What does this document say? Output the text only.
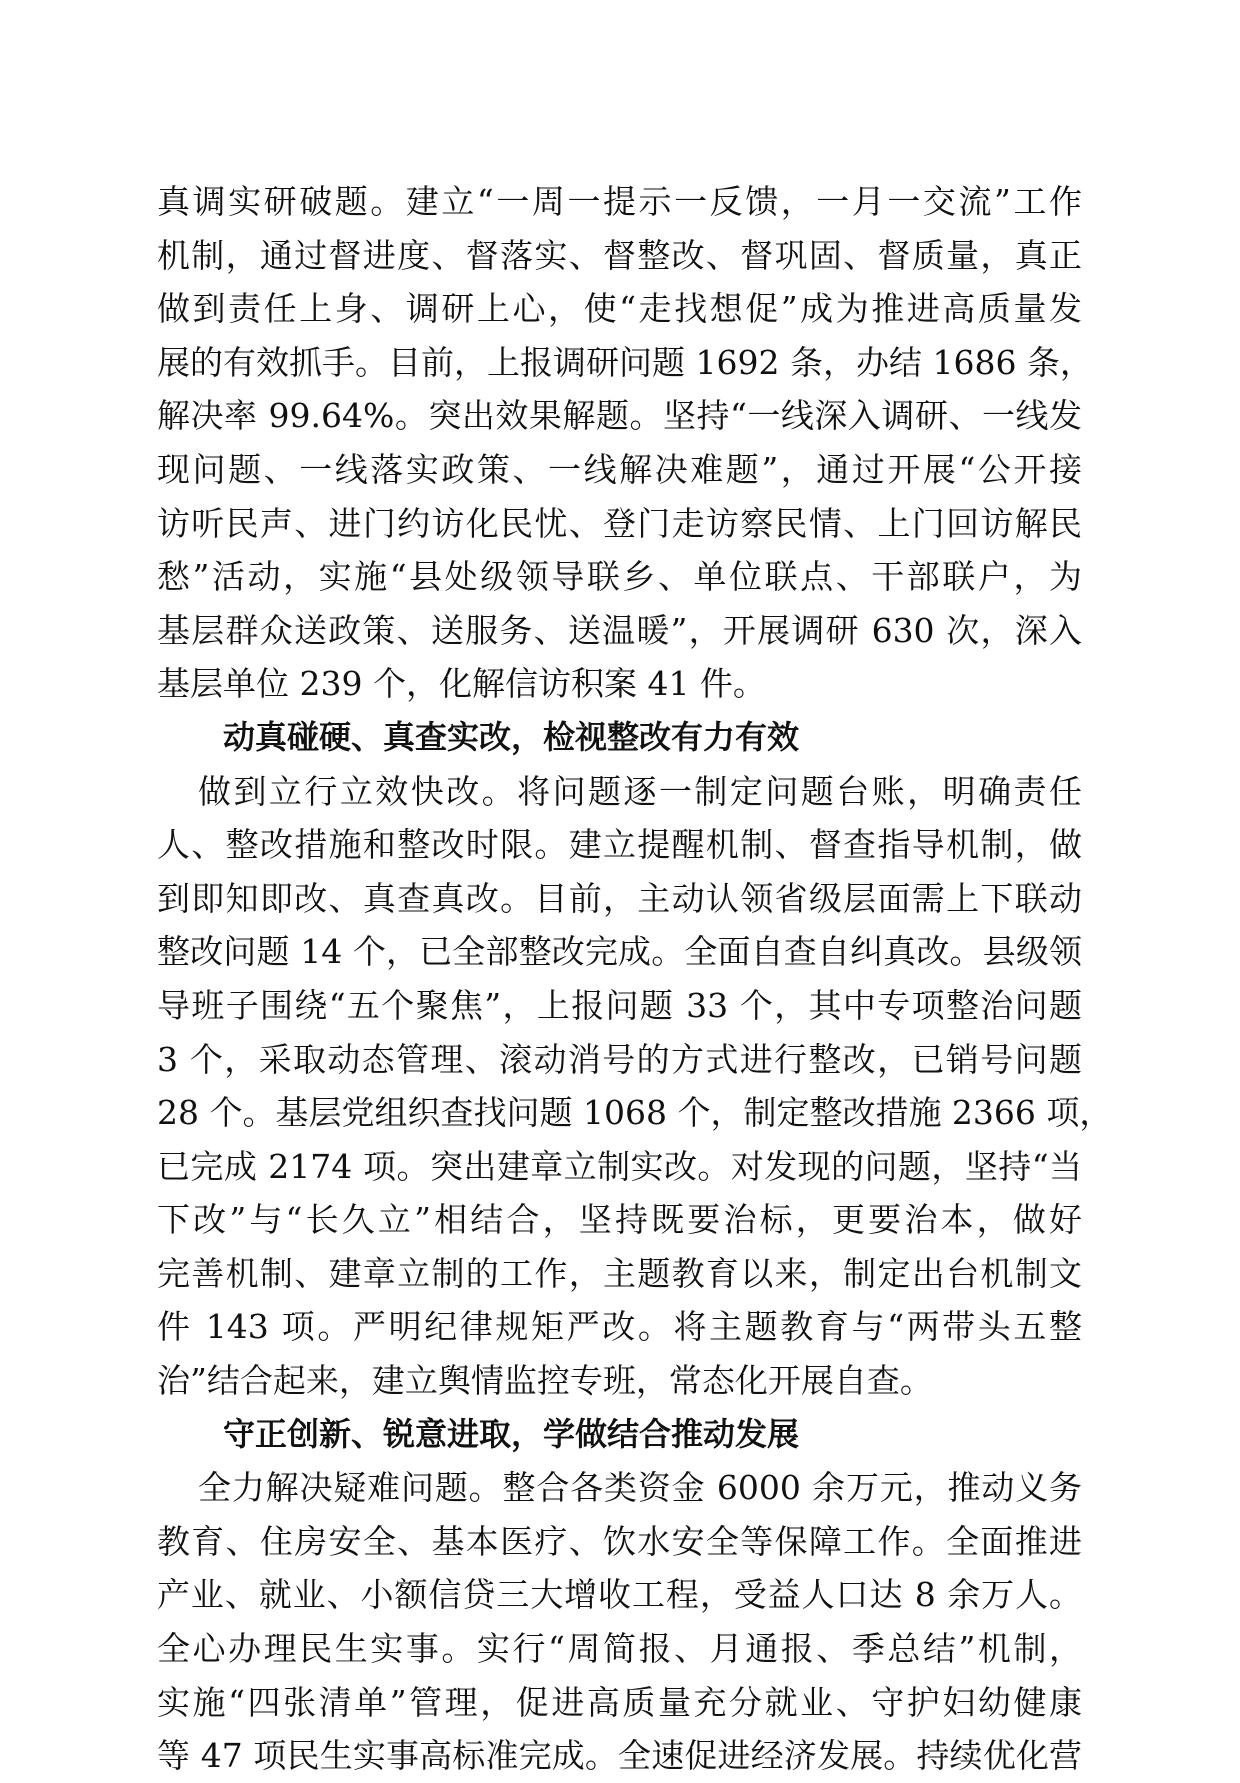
真调实研破题。建立“一周一提示一反馈，一月一交流”工作
机制，通过督进度、督落实、督整改、督巩固、督质量，真正
做到责任上身、调研上心，使“走找想促”成为推进高质量发
展的有效抓手。目前，上报调研问题 1692 条，办结 1686 条，
解决率 99.64%。突出效果解题。坚持“一线深入调研、一线发
现问题、一线落实政策、一线解决难题”，通过开展“公开接
访听民声、进门约访化民忧、登门走访察民情、上门回访解民
愁”活动，实施“县处级领导联乡、单位联点、干部联户，为
基层群众送政策、送服务、送温暖”，开展调研 630 次，深入
基层单位 239 个，化解信访积案 41 件。
动真碰硬、真查实改，检视整改有力有效
做到立行立效快改。将问题逐一制定问题台账，明确责任
人、整改措施和整改时限。建立提醒机制、督查指导机制，做
到即知即改、真查真改。目前，主动认领省级层面需上下联动
整改问题 14 个，已全部整改完成。全面自查自纠真改。县级领
导班子围绕“五个聚焦”，上报问题 33 个，其中专项整治问题
3 个，采取动态管理、滚动消号的方式进行整改，已销号问题
28 个。基层党组织查找问题 1068 个，制定整改措施 2366 项，
已完成 2174 项。突出建章立制实改。对发现的问题，坚持“当
下改”与“长久立”相结合，坚持既要治标，更要治本，做好
完善机制、建章立制的工作，主题教育以来，制定出台机制文
件 143 项。严明纪律规矩严改。将主题教育与“两带头五整
治”结合起来，建立舆情监控专班，常态化开展自查。
守正创新、锐意进取，学做结合推动发展
全力解决疑难问题。整合各类资金 6000 余万元，推动义务
教育、住房安全、基本医疗、饮水安全等保障工作。全面推进
产业、就业、小额信贷三大增收工程，受益人口达 8 余万人。
全心办理民生实事。实行“周简报、月通报、季总结”机制，
实施“四张清单”管理，促进高质量充分就业、守护妇幼健康
等 47 项民生实事高标准完成。全速促进经济发展。持续优化营
